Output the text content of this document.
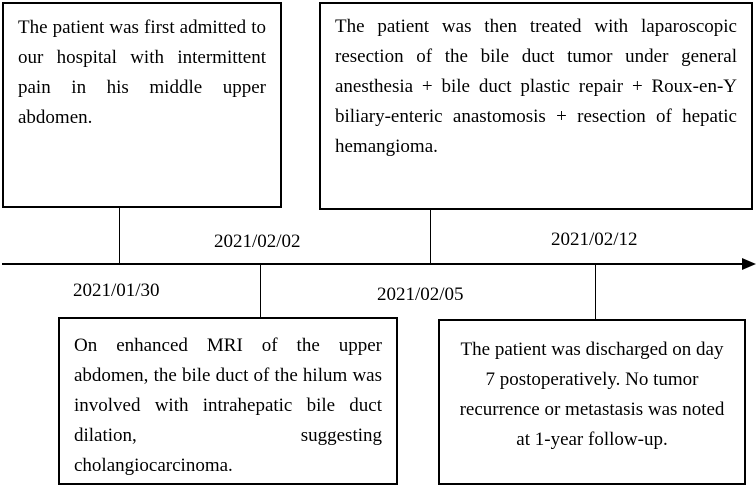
The patient was first admitted to our hospital with intermittent pain in his middle upper abdomen.

On enhanced MRI of the upper abdomen, the bile duct of the hilum was involved with intrahepatic bile duct dilation, suggesting cholangiocarcinoma.

The patient was then treated with laparoscopic resection of the bile duct tumor under general anesthesia + bile duct plastic repair + Roux-en-Y biliary-enteric anastomosis + resection of hepatic hemangioma.

The patient was discharged on day 7 postoperatively. No tumor recurrence or metastasis was noted at 1-year follow-up.

2021/01/30
2021/02/02
2021/02/05
2021/02/12
